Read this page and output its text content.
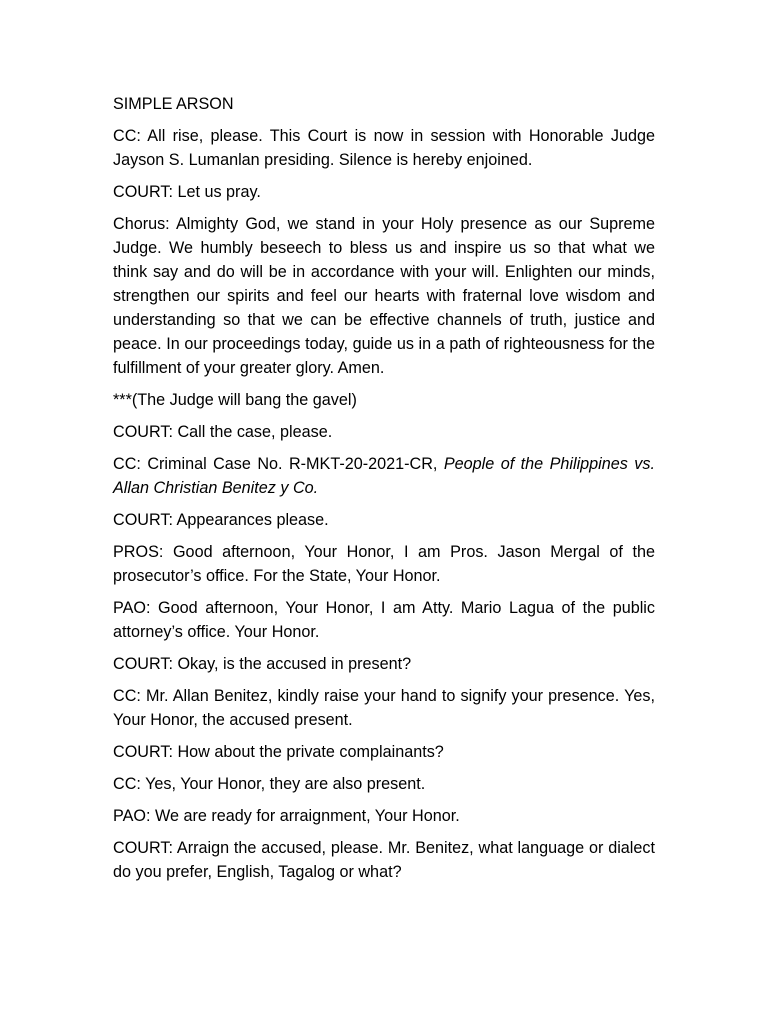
SIMPLE ARSON

CC: All rise, please. This Court is now in session with Honorable Judge Jayson S. Lumanlan presiding. Silence is hereby enjoined.

COURT: Let us pray.

Chorus: Almighty God, we stand in your Holy presence as our Supreme Judge. We humbly beseech to bless us and inspire us so that what we think say and do will be in accordance with your will. Enlighten our minds, strengthen our spirits and feel our hearts with fraternal love wisdom and understanding so that we can be effective channels of truth, justice and peace. In our proceedings today, guide us in a path of righteousness for the fulfillment of your greater glory. Amen.

***(The Judge will bang the gavel)

COURT: Call the case, please.

CC: Criminal Case No. R-MKT-20-2021-CR, People of the Philippines vs. Allan Christian Benitez y Co.

COURT: Appearances please.

PROS: Good afternoon, Your Honor, I am Pros. Jason Mergal of the prosecutor’s office. For the State, Your Honor.

PAO: Good afternoon, Your Honor, I am Atty. Mario Lagua of the public attorney’s office. Your Honor.

COURT: Okay, is the accused in present?

CC: Mr. Allan Benitez, kindly raise your hand to signify your presence. Yes, Your Honor, the accused present.

COURT: How about the private complainants?

CC: Yes, Your Honor, they are also present.

PAO: We are ready for arraignment, Your Honor.

COURT: Arraign the accused, please. Mr. Benitez, what language or dialect do you prefer, English, Tagalog or what?
